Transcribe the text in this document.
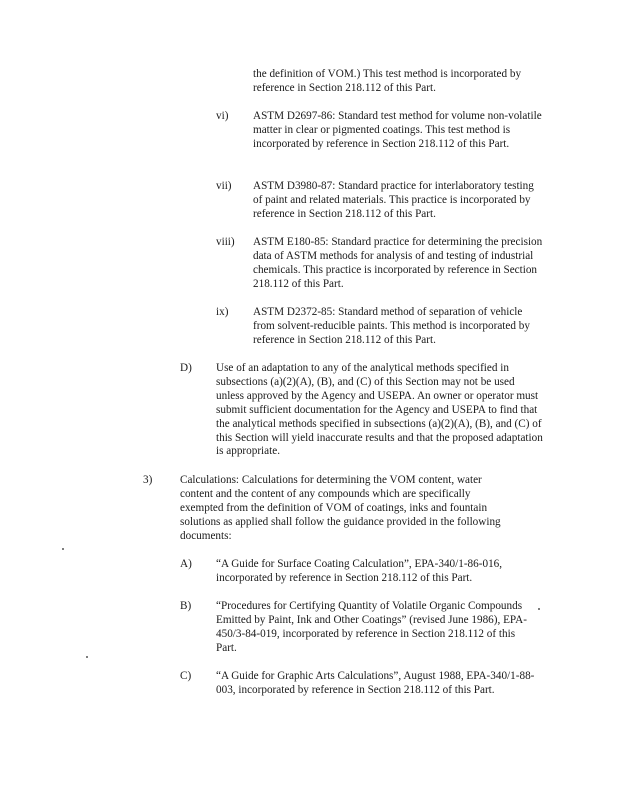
the definition of VOM.) This test method is incorporated by reference in Section 218.112 of this Part.
vi) ASTM D2697-86: Standard test method for volume non-volatile matter in clear or pigmented coatings. This test method is incorporated by reference in Section 218.112 of this Part.
vii) ASTM D3980-87: Standard practice for interlaboratory testing of paint and related materials. This practice is incorporated by reference in Section 218.112 of this Part.
viii) ASTM E180-85: Standard practice for determining the precision data of ASTM methods for analysis of and testing of industrial chemicals. This practice is incorporated by reference in Section 218.112 of this Part.
ix) ASTM D2372-85: Standard method of separation of vehicle from solvent-reducible paints. This method is incorporated by reference in Section 218.112 of this Part.
D) Use of an adaptation to any of the analytical methods specified in subsections (a)(2)(A), (B), and (C) of this Section may not be used unless approved by the Agency and USEPA. An owner or operator must submit sufficient documentation for the Agency and USEPA to find that the analytical methods specified in subsections (a)(2)(A), (B), and (C) of this Section will yield inaccurate results and that the proposed adaptation is appropriate.
3) Calculations: Calculations for determining the VOM content, water content and the content of any compounds which are specifically exempted from the definition of VOM of coatings, inks and fountain solutions as applied shall follow the guidance provided in the following documents:
A) “A Guide for Surface Coating Calculation”, EPA-340/1-86-016, incorporated by reference in Section 218.112 of this Part.
B) “Procedures for Certifying Quantity of Volatile Organic Compounds Emitted by Paint, Ink and Other Coatings” (revised June 1986), EPA-450/3-84-019, incorporated by reference in Section 218.112 of this Part.
C) “A Guide for Graphic Arts Calculations”, August 1988, EPA-340/1-88-003, incorporated by reference in Section 218.112 of this Part.
